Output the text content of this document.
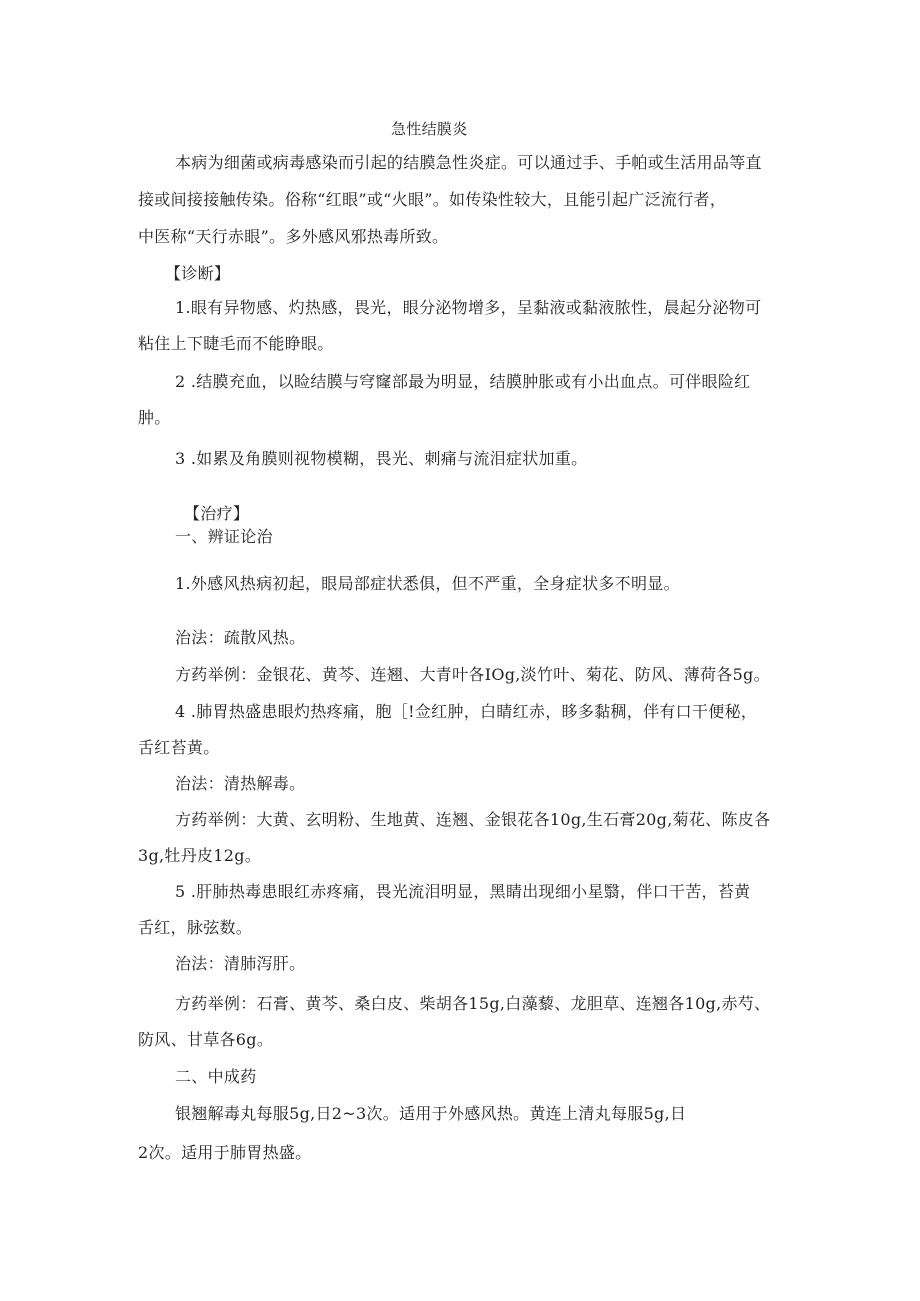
急性结膜炎
本病为细菌或病毒感染而引起的结膜急性炎症。可以通过手、手帕或生活用品等直
接或间接接触传染。俗称“红眼”或“火眼”。如传染性较大，且能引起广泛流行者，
中医称“天行赤眼”。多外感风邪热毒所致。
【诊断】
1.眼有异物感、灼热感，畏光，眼分泌物增多，呈黏液或黏液脓性，晨起分泌物可
粘住上下睫毛而不能睁眼。
2 .结膜充血，以睑结膜与穹窿部最为明显，结膜肿胀或有小出血点。可伴眼险红
肿。
3 .如累及角膜则视物模糊，畏光、刺痛与流泪症状加重。
【治疗】
一、辨证论治
1.外感风热病初起，眼局部症状悉俱，但不严重，全身症状多不明显。
治法：疏散风热。
方药举例：金银花、黄芩、连翘、大青叶各IOg,淡竹叶、菊花、防风、薄荷各5g。
4 .肺胃热盛患眼灼热疼痛，胞［!佥红肿，白睛红赤，眵多黏稠，伴有口干便秘，
舌红苔黄。
治法：清热解毒。
方药举例：大黄、玄明粉、生地黄、连翘、金银花各10g,生石膏20g,菊花、陈皮各
3g,牡丹皮12g。
5 .肝肺热毒患眼红赤疼痛，畏光流泪明显，黑睛出现细小星翳，伴口干苦，苔黄
舌红，脉弦数。
治法：清肺泻肝。
方药举例：石膏、黄芩、桑白皮、柴胡各15g,白藻藜、龙胆草、连翘各10g,赤芍、
防风、甘草各6g。
二、中成药
银翘解毒丸每服5g,日2~3次。适用于外感风热。黄连上清丸每服5g,日
2次。适用于肺胃热盛。
